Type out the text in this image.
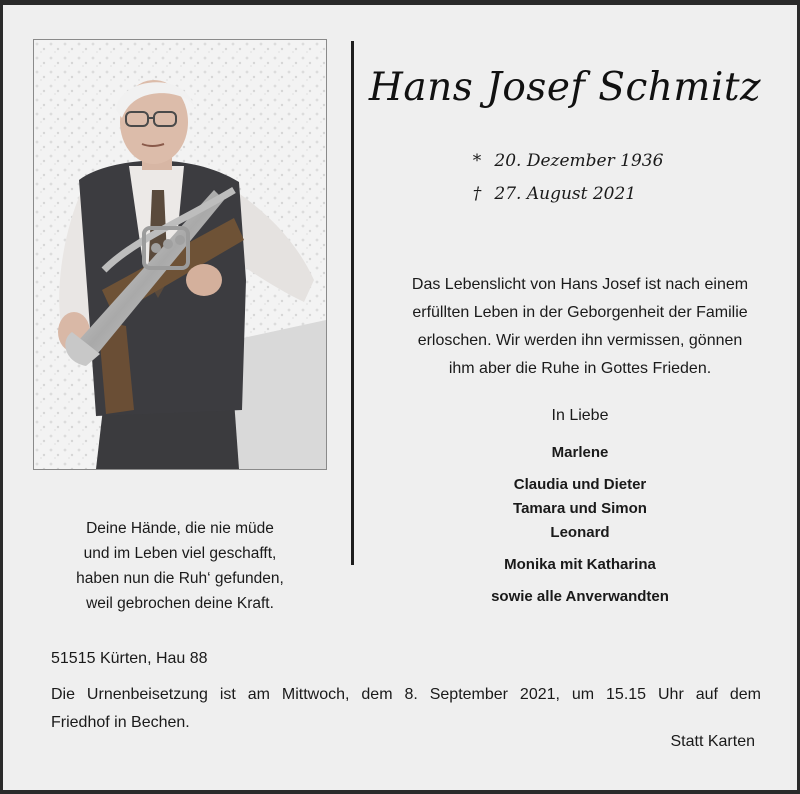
Hans Josef Schmitz
* 20. Dezember 1936
† 27. August 2021
Das Lebenslicht von Hans Josef ist nach einem
erfüllten Leben in der Geborgenheit der Familie
erloschen. Wir werden ihn vermissen, gönnen
ihm aber die Ruhe in Gottes Frieden.
In Liebe
Marlene
Claudia und Dieter
Tamara und Simon
Leonard
Monika mit Katharina
sowie alle Anverwandten
Deine Hände, die nie müde
und im Leben viel geschafft,
haben nun die Ruh‘ gefunden,
weil gebrochen deine Kraft.
51515 Kürten, Hau 88
Die Urnenbeisetzung ist am Mittwoch, dem 8. September 2021, um 15.15 Uhr auf dem
Friedhof in Bechen.
Statt Karten
